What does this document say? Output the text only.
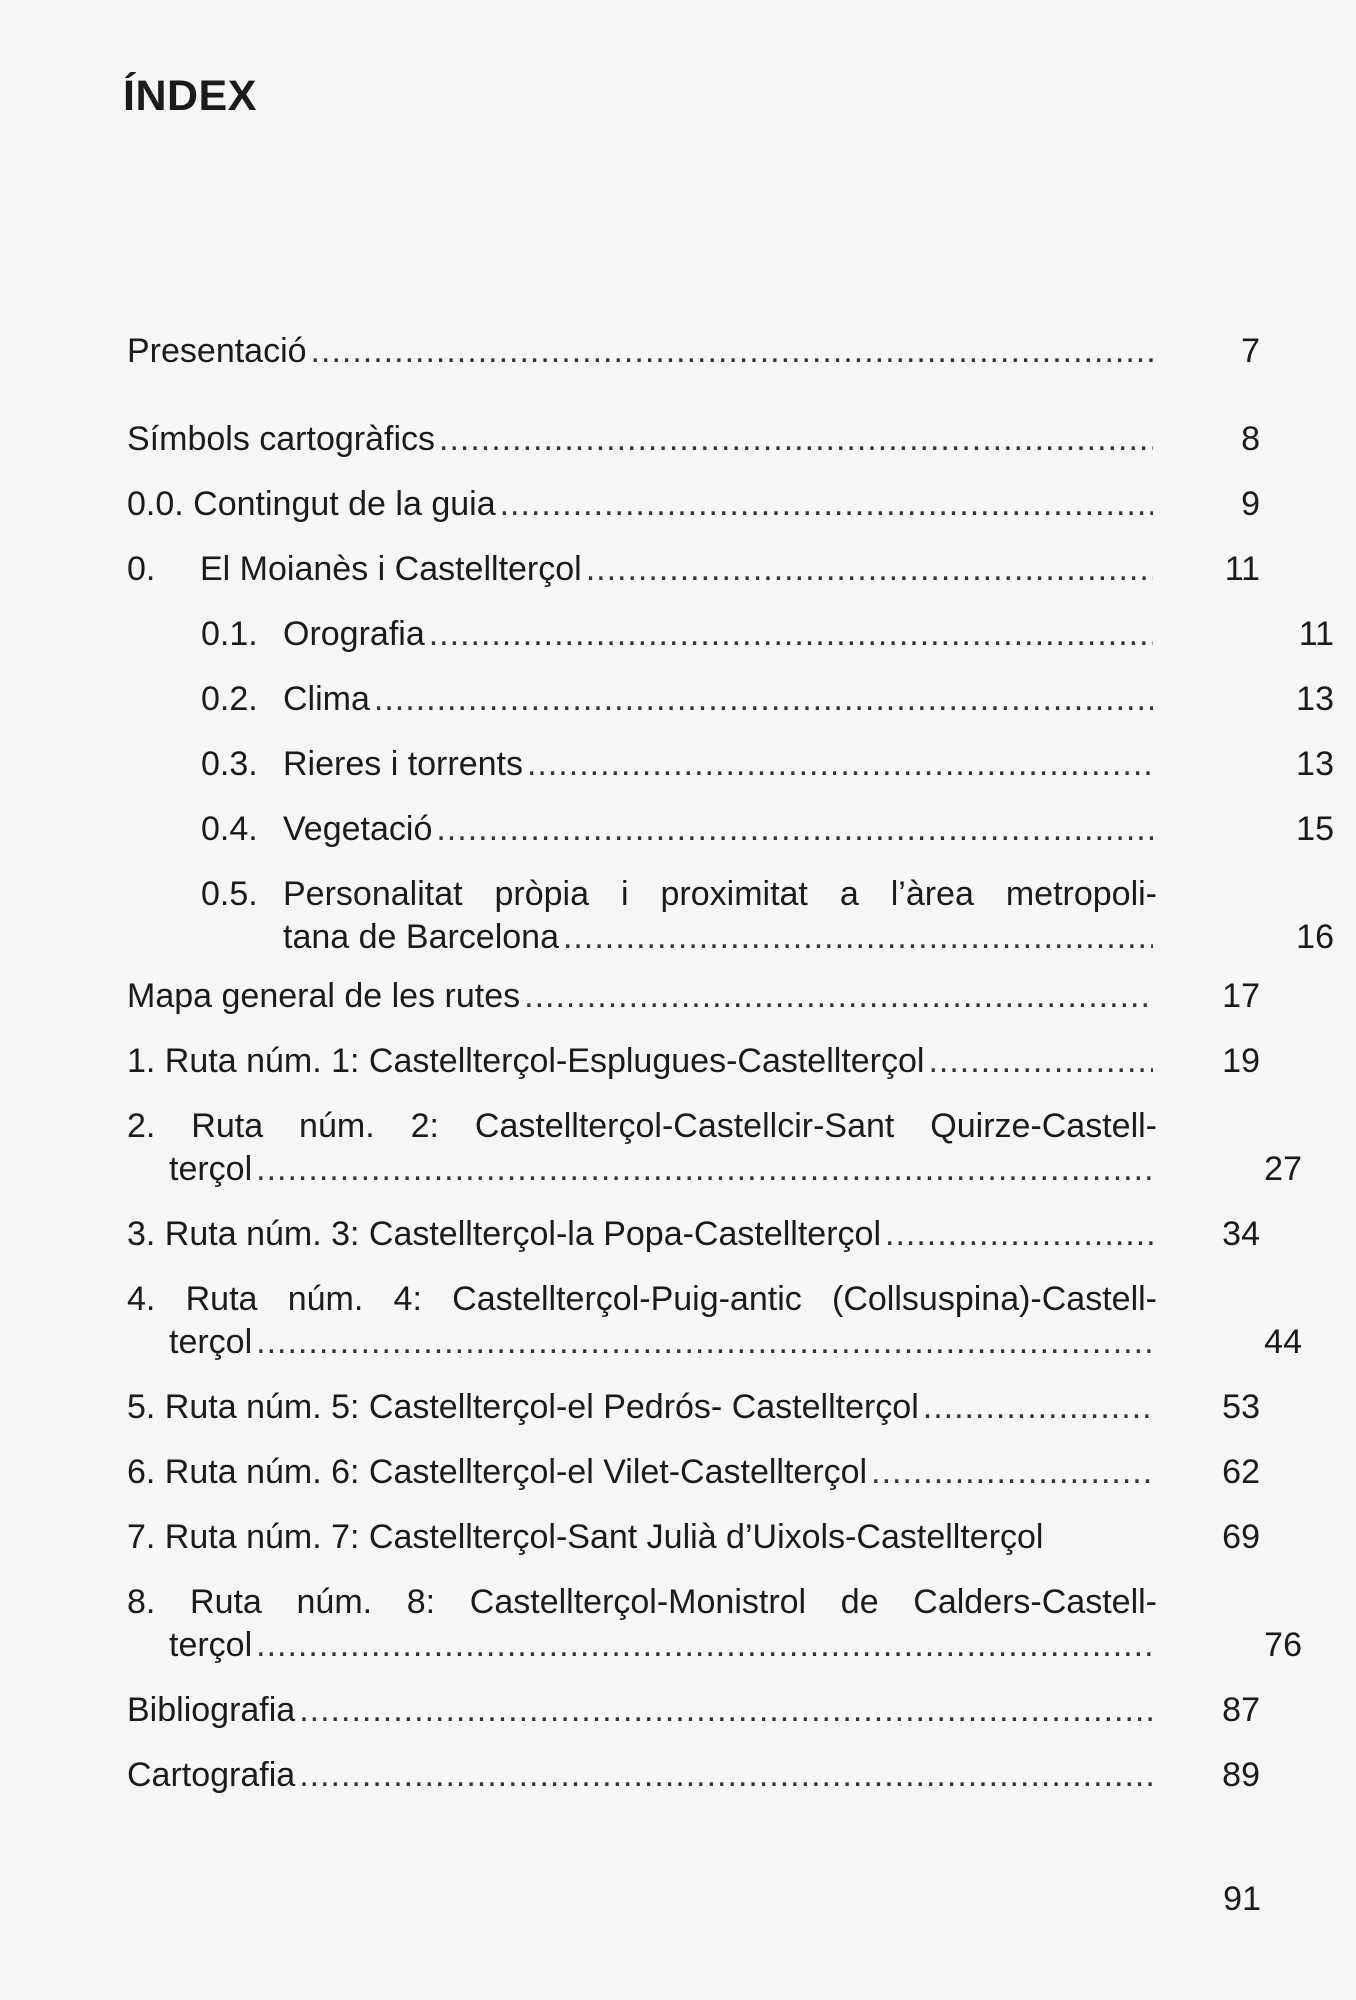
ÍNDEX
Presentació .....	7
Símbols cartogràfics .....	8
0.0. Contingut de la guia .....	9
0.	El Moianès i Castellterçol .....	11
0.1. Orografia .....	11
0.2. Clima .....	13
0.3. Rieres i torrents .....	13
0.4. Vegetació .....	15
0.5. Personalitat pròpia i proximitat a l’àrea metropoli-
tana de Barcelona .....	16
Mapa general de les rutes .....	17
1. Ruta núm. 1: Castellterçol-Esplugues-Castellterçol .....	19
2. Ruta núm. 2: Castellterçol-Castellcir-Sant Quirze-Castell-
terçol .....	27
3. Ruta núm. 3: Castellterçol-la Popa-Castellterçol .....	34
4. Ruta núm. 4: Castellterçol-Puig-antic (Collsuspina)-Castell-
terçol .....	44
5. Ruta núm. 5: Castellterçol-el Pedrós- Castellterçol .....	53
6. Ruta núm. 6: Castellterçol-el Vilet-Castellterçol .....	62
7. Ruta núm. 7: Castellterçol-Sant Julià d’Uixols-Castellterçol	69
8. Ruta núm. 8: Castellterçol-Monistrol de Calders-Castell-
terçol .....	76
Bibliografia .....	87
Cartografia .....	89
91
